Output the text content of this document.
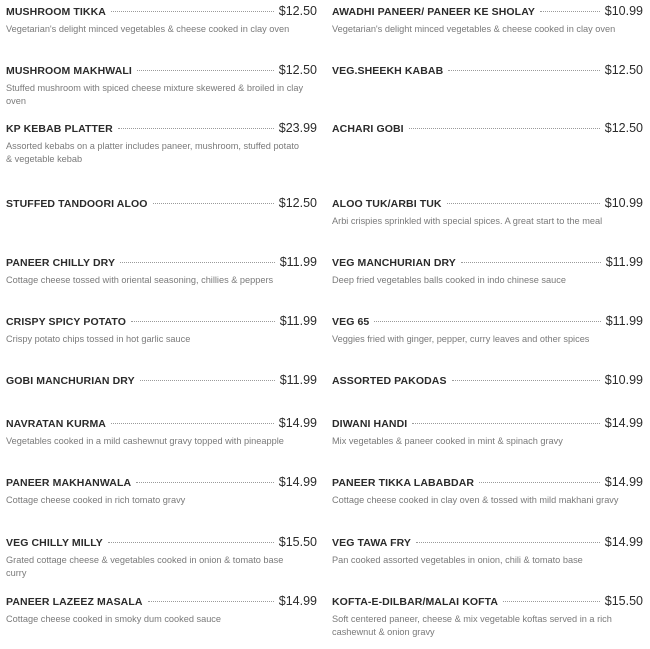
MUSHROOM TIKKA	$12.50
Vegetarian's delight minced vegetables & cheese cooked in clay oven
MUSHROOM MAKHWALI	$12.50
Stuffed mushroom with spiced cheese mixture skewered & broiled in clay oven
KP KEBAB PLATTER	$23.99
Assorted kebabs on a platter includes paneer, mushroom, stuffed potato & vegetable kebab
STUFFED TANDOORI ALOO	$12.50
PANEER CHILLY DRY	$11.99
Cottage cheese tossed with oriental seasoning, chillies & peppers
CRISPY SPICY POTATO	$11.99
Crispy potato chips tossed in hot garlic sauce
GOBI MANCHURIAN DRY	$11.99
NAVRATAN KURMA	$14.99
Vegetables cooked in a mild cashewnut gravy topped with pineapple
PANEER MAKHANWALA	$14.99
Cottage cheese cooked in rich tomato gravy
VEG CHILLY MILLY	$15.50
Grated cottage cheese & vegetables cooked in onion & tomato base curry
PANEER LAZEEZ MASALA	$14.99
Cottage cheese cooked in smoky dum cooked sauce
AWADHI PANEER/ PANEER KE SHOLAY	$10.99
Vegetarian's delight minced vegetables & cheese cooked in clay oven
VEG.SHEEKH KABAB	$12.50
ACHARI GOBI	$12.50
ALOO TUK/ARBI TUK	$10.99
Arbi crispies sprinkled with special spices. A great start to the meal
VEG MANCHURIAN DRY	$11.99
Deep fried vegetables balls cooked in indo chinese sauce
VEG 65	$11.99
Veggies fried with ginger, pepper, curry leaves and other spices
ASSORTED PAKODAS	$10.99
DIWANI HANDI	$14.99
Mix vegetables & paneer cooked in mint & spinach gravy
PANEER TIKKA LABABDAR	$14.99
Cottage cheese cooked in clay oven & tossed with mild makhani gravy
VEG TAWA FRY	$14.99
Pan cooked assorted vegetables in onion, chili & tomato base
KOFTA-E-DILBAR/MALAI KOFTA	$15.50
Soft centered paneer, cheese & mix vegetable koftas served in a rich cashewnut & onion gravy
